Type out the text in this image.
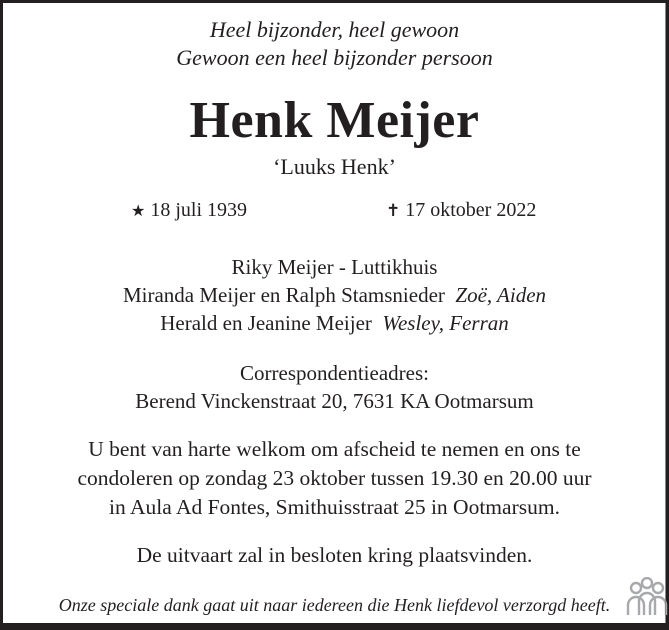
Heel bijzonder, heel gewoon
Gewoon een heel bijzonder persoon
Henk Meijer
‘Luuks Henk’
★ 18 juli 1939	✝ 17 oktober 2022
Riky Meijer - Luttikhuis
Miranda Meijer en Ralph Stamsnieder Zoë, Aiden
Herald en Jeanine Meijer Wesley, Ferran
Correspondentieadres:
Berend Vinckenstraat 20, 7631 KA Ootmarsum
U bent van harte welkom om afscheid te nemen en ons te
condoleren op zondag 23 oktober tussen 19.30 en 20.00 uur
in Aula Ad Fontes, Smithuisstraat 25 in Ootmarsum.
De uitvaart zal in besloten kring plaatsvinden.
Onze speciale dank gaat uit naar iedereen die Henk liefdevol verzorgd heeft.
